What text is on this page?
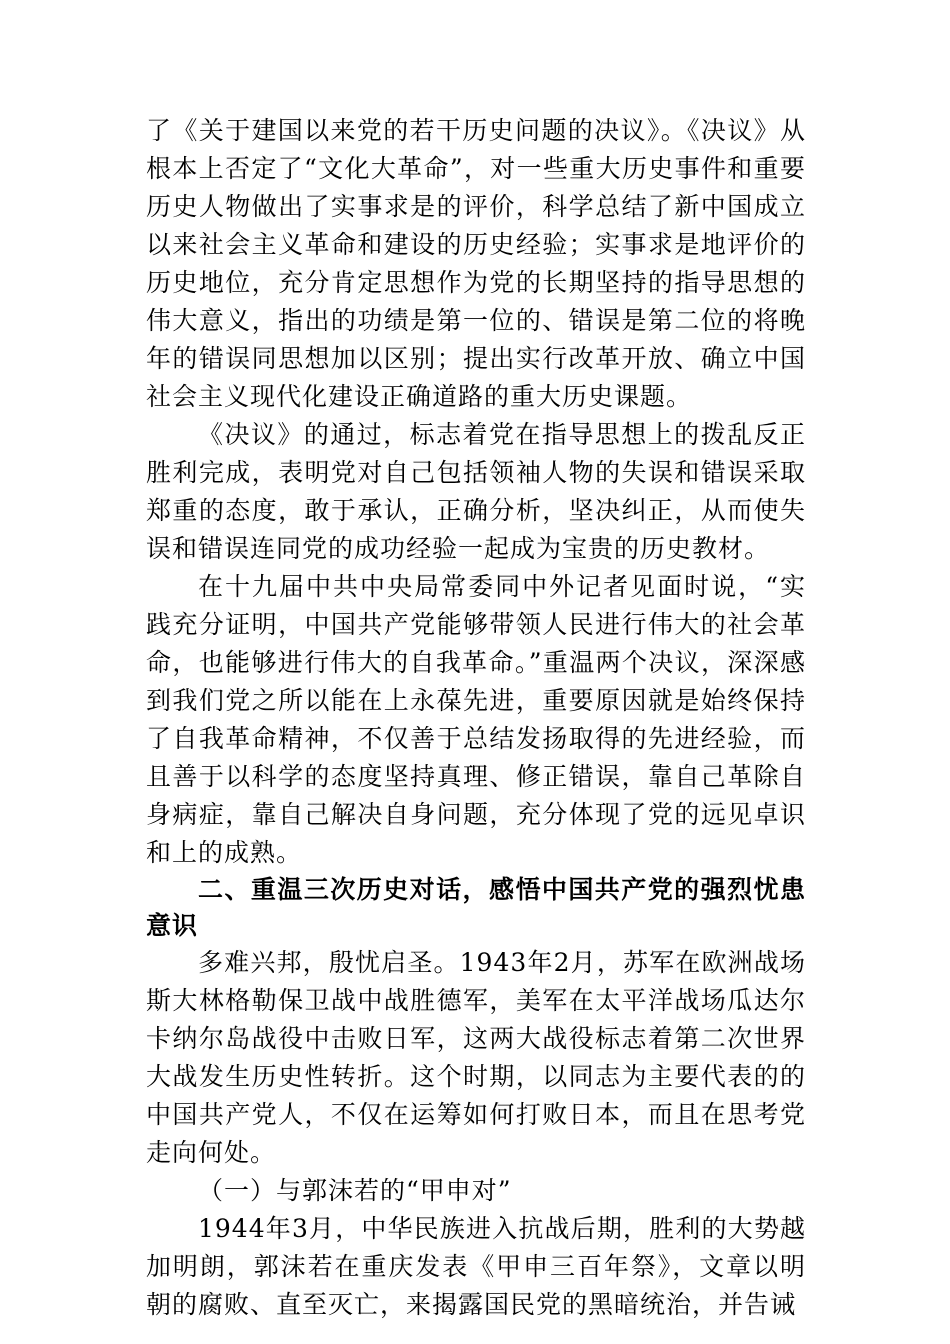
了《关于建国以来党的若干历史问题的决议》。《决议》从根本上否定了“文化大革命”，对一些重大历史事件和重要历史人物做出了实事求是的评价，科学总结了新中国成立以来社会主义革命和建设的历史经验；实事求是地评价的历史地位，充分肯定思想作为党的长期坚持的指导思想的伟大意义，指出的功绩是第一位的、错误是第二位的将晚年的错误同思想加以区别；提出实行改革开放、确立中国社会主义现代化建设正确道路的重大历史课题。

《决议》的通过，标志着党在指导思想上的拨乱反正胜利完成，表明党对自己包括领袖人物的失误和错误采取郑重的态度，敢于承认，正确分析，坚决纠正，从而使失误和错误连同党的成功经验一起成为宝贵的历史教材。

在十九届中共中央局常委同中外记者见面时说，“实践充分证明，中国共产党能够带领人民进行伟大的社会革命，也能够进行伟大的自我革命。”重温两个决议，深深感到我们党之所以能在上永葆先进，重要原因就是始终保持了自我革命精神，不仅善于总结发扬取得的先进经验，而且善于以科学的态度坚持真理、修正错误，靠自己革除自身病症，靠自己解决自身问题，充分体现了党的远见卓识和上的成熟。

二、重温三次历史对话，感悟中国共产党的强烈忧患意识

多难兴邦，殷忧启圣。1943年2月，苏军在欧洲战场斯大林格勒保卫战中战胜德军，美军在太平洋战场瓜达尔卡纳尔岛战役中击败日军，这两大战役标志着第二次世界大战发生历史性转折。这个时期，以同志为主要代表的的中国共产党人，不仅在运筹如何打败日本，而且在思考党走向何处。

（一）与郭沫若的“甲申对”

1944年3月，中华民族进入抗战后期，胜利的大势越加明朗，郭沫若在重庆发表《甲申三百年祭》，文章以明朝的腐败、直至灭亡，来揭露国民党的黑暗统治，并告诫
